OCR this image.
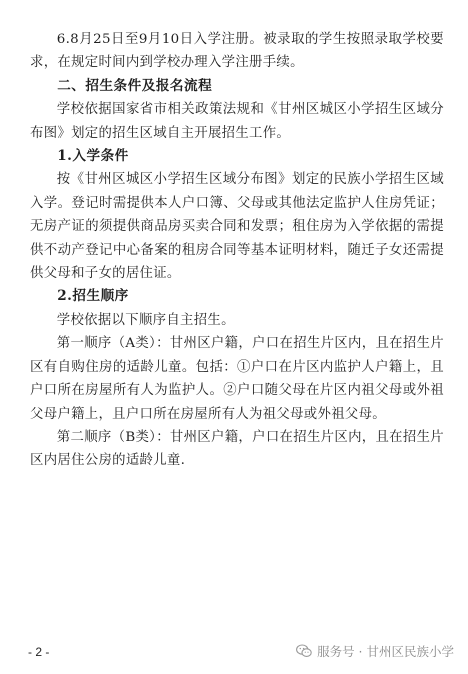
6.8月25日至9月10日入学注册。被录取的学生按照录取学校要求，在规定时间内到学校办理入学注册手续。

二、招生条件及报名流程

学校依据国家省市相关政策法规和《甘州区城区小学招生区域分布图》划定的招生区域自主开展招生工作。

1.入学条件

按《甘州区城区小学招生区域分布图》划定的民族小学招生区域入学。登记时需提供本人户口簿、父母或其他法定监护人住房凭证；无房产证的须提供商品房买卖合同和发票；租住房为入学依据的需提供不动产登记中心备案的租房合同等基本证明材料，随迁子女还需提供父母和子女的居住证。

2.招生顺序

学校依据以下顺序自主招生。

第一顺序（A类）：甘州区户籍，户口在招生片区内，且在招生片区有自购住房的适龄儿童。包括：①户口在片区内监护人户籍上，且户口所在房屋所有人为监护人。②户口随父母在片区内祖父母或外祖父母户籍上，且户口所在房屋所有人为祖父母或外祖父母。

第二顺序（B类）：甘州区户籍，户口在招生片区内，且在招生片区内居住公房的适龄儿童.

- 2 -	服务号 · 甘州区民族小学
